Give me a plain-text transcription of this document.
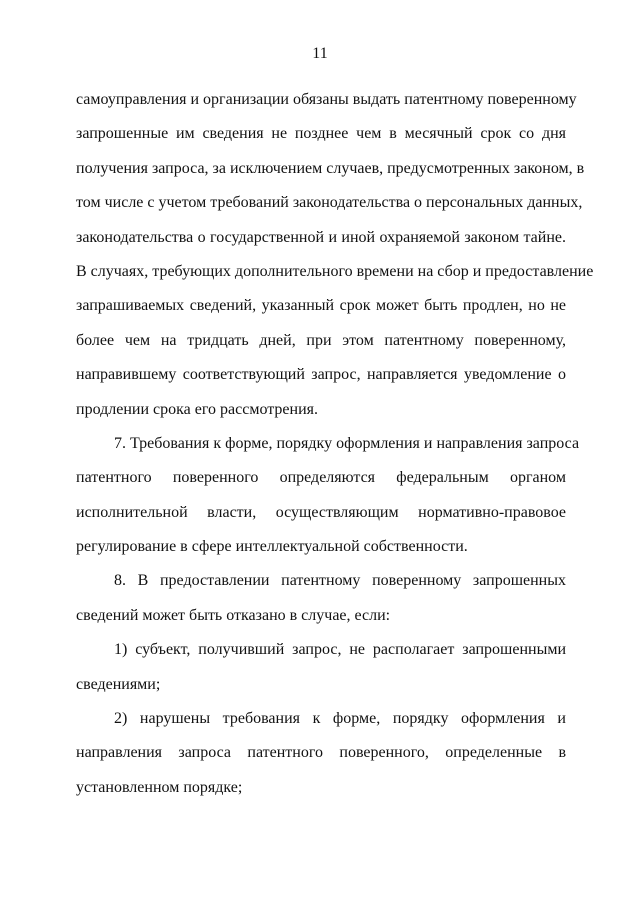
11
самоуправления и организации обязаны выдать патентному поверенному
запрошенные им сведения не позднее чем в месячный срок со дня
получения запроса, за исключением случаев, предусмотренных законом, в
том числе с учетом требований законодательства о персональных данных,
законодательства о государственной и иной охраняемой законом тайне.
В случаях, требующих дополнительного времени на сбор и предоставление
запрашиваемых сведений, указанный срок может быть продлен, но не
более чем на тридцать дней, при этом патентному поверенному,
направившему соответствующий запрос, направляется уведомление о
продлении срока его рассмотрения.
7. Требования к форме, порядку оформления и направления запроса
патентного поверенного определяются федеральным органом
исполнительной власти, осуществляющим нормативно-правовое
регулирование в сфере интеллектуальной собственности.
8. В предоставлении патентному поверенному запрошенных
сведений может быть отказано в случае, если:
1) субъект, получивший запрос, не располагает запрошенными
сведениями;
2) нарушены требования к форме, порядку оформления и
направления запроса патентного поверенного, определенные в
установленном порядке;
